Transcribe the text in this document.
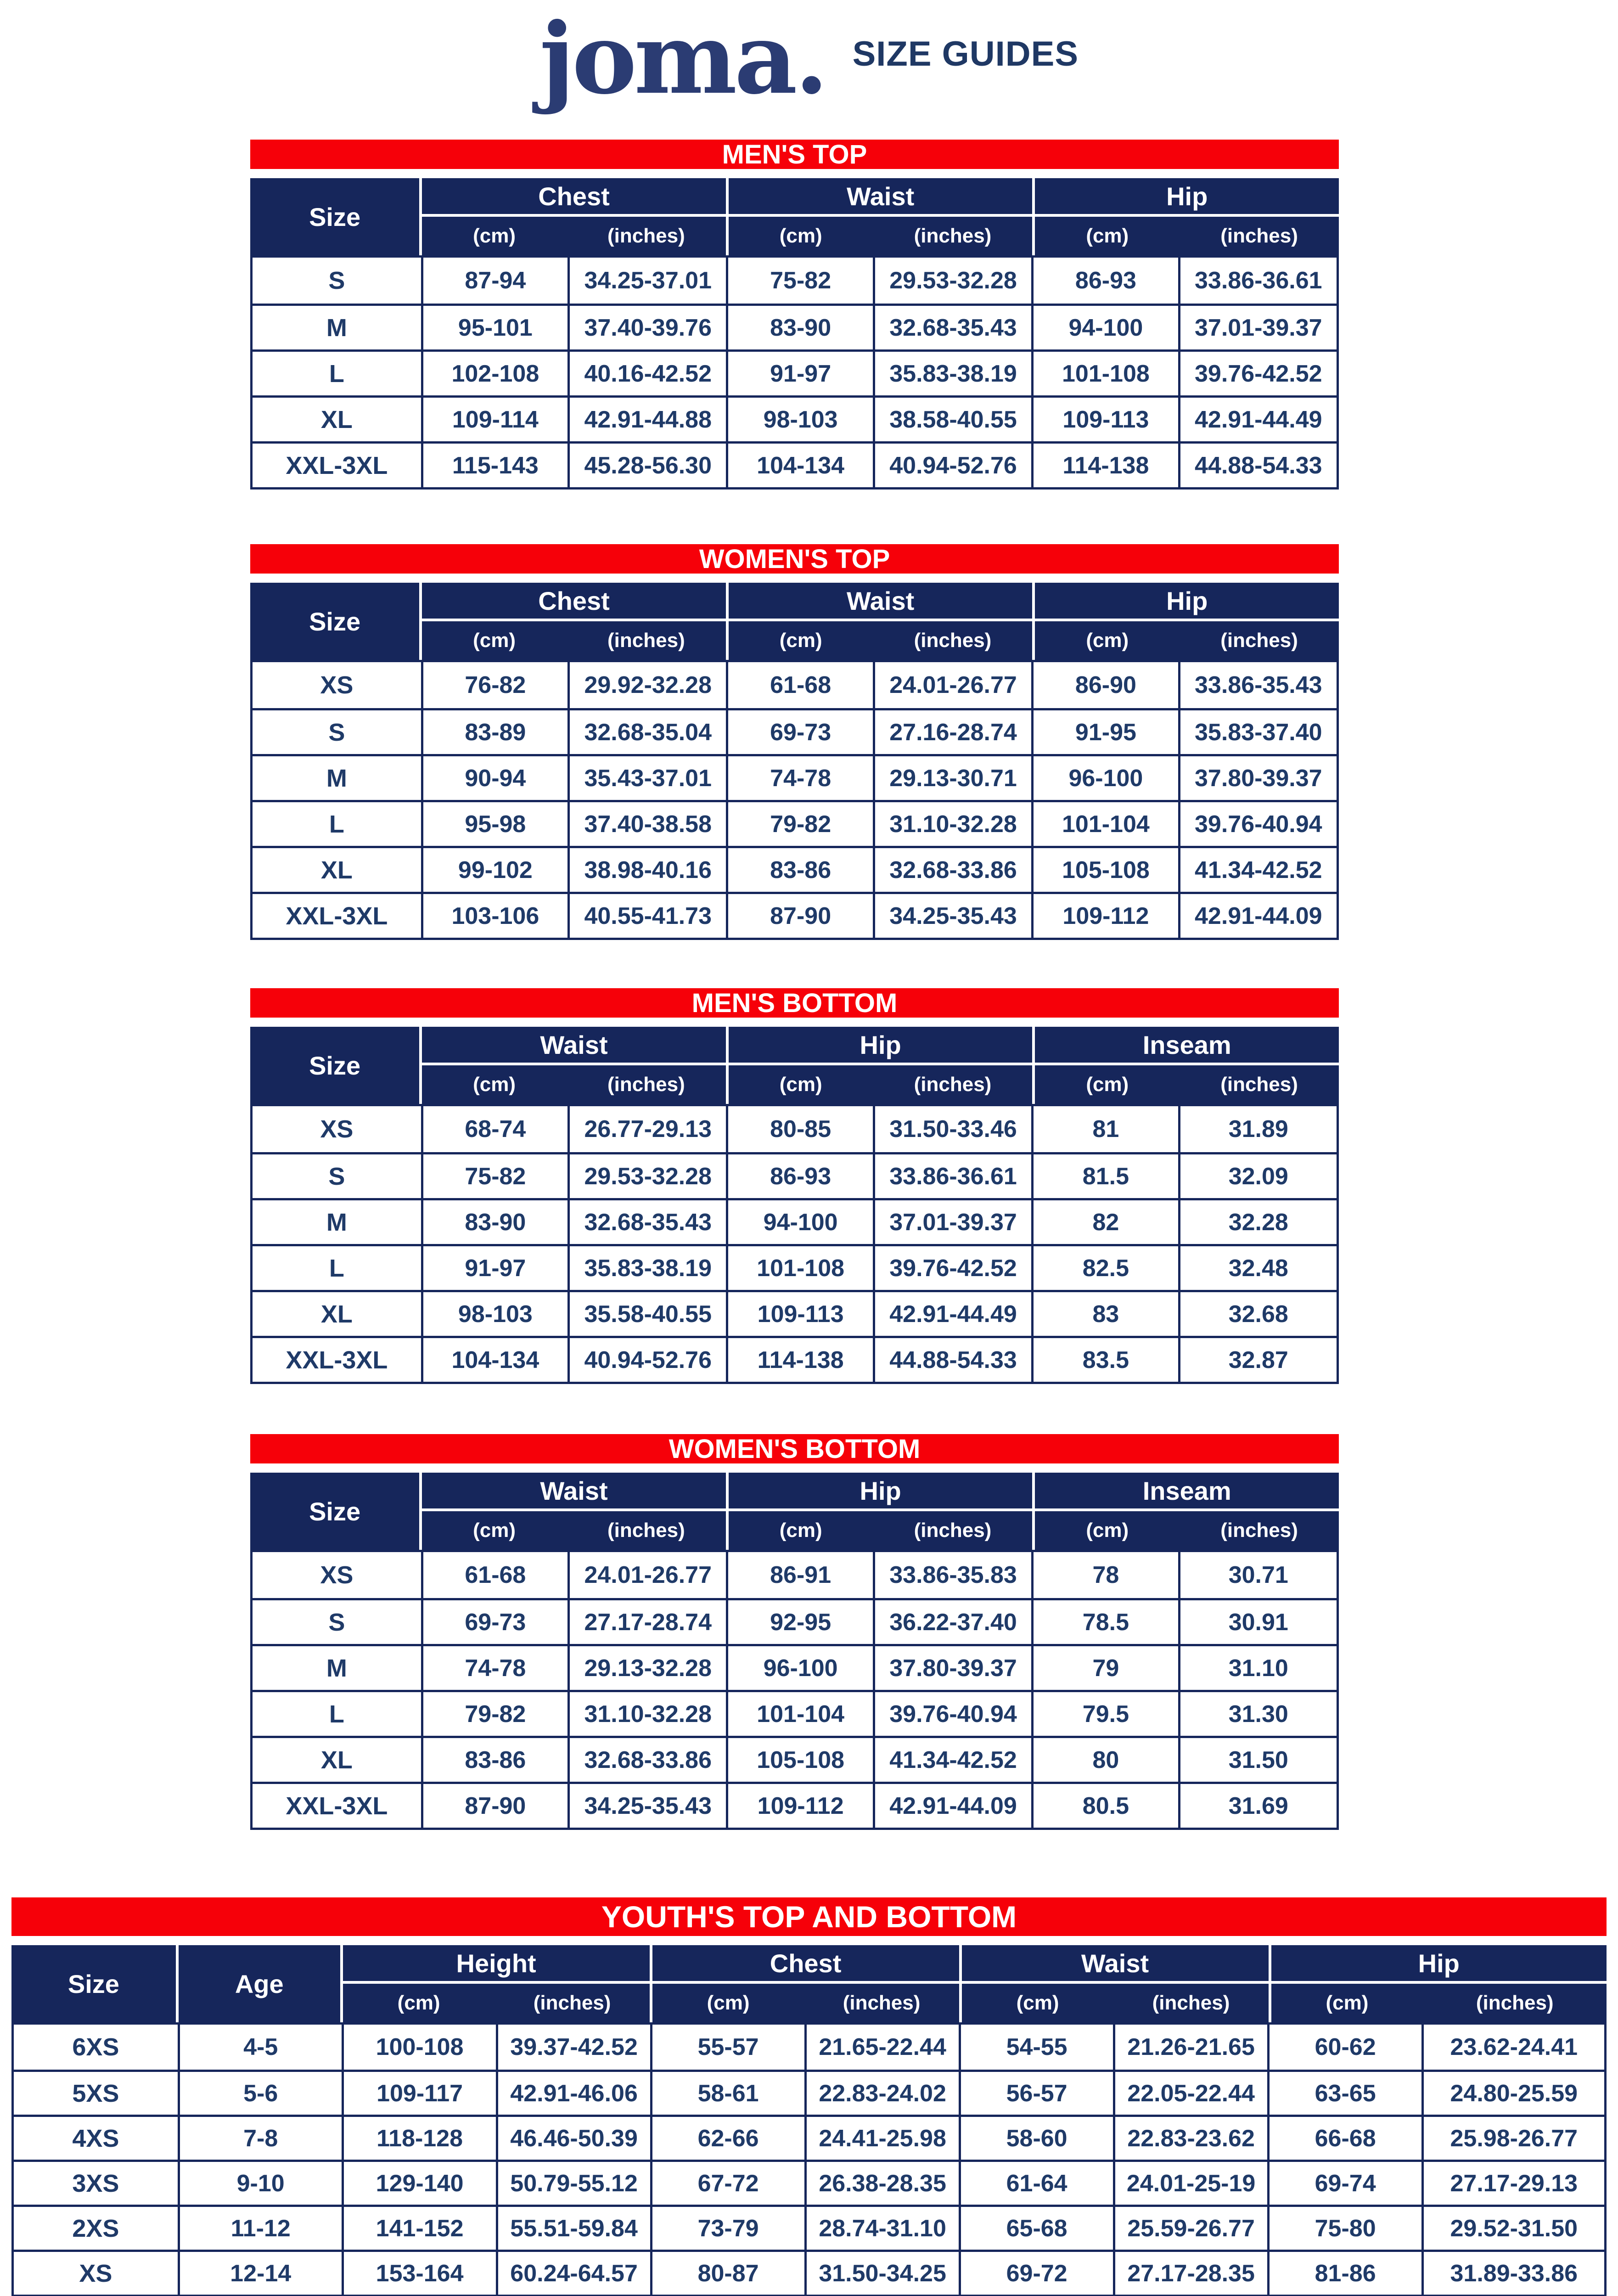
joma. SIZE GUIDES
MEN'S TOP
Size
Chest	Waist	Hip
(cm)	(inches)	(cm)	(inches)	(cm)	(inches)
S	87-94	34.25-37.01	75-82	29.53-32.28	86-93	33.86-36.61
M	95-101	37.40-39.76	83-90	32.68-35.43	94-100	37.01-39.37
L	102-108	40.16-42.52	91-97	35.83-38.19	101-108	39.76-42.52
XL	109-114	42.91-44.88	98-103	38.58-40.55	109-113	42.91-44.49
XXL-3XL	115-143	45.28-56.30	104-134	40.94-52.76	114-138	44.88-54.33
WOMEN'S TOP
Size
Chest	Waist	Hip
(cm)	(inches)	(cm)	(inches)	(cm)	(inches)
XS	76-82	29.92-32.28	61-68	24.01-26.77	86-90	33.86-35.43
S	83-89	32.68-35.04	69-73	27.16-28.74	91-95	35.83-37.40
M	90-94	35.43-37.01	74-78	29.13-30.71	96-100	37.80-39.37
L	95-98	37.40-38.58	79-82	31.10-32.28	101-104	39.76-40.94
XL	99-102	38.98-40.16	83-86	32.68-33.86	105-108	41.34-42.52
XXL-3XL	103-106	40.55-41.73	87-90	34.25-35.43	109-112	42.91-44.09
MEN'S BOTTOM
Size
Waist	Hip	Inseam
(cm)	(inches)	(cm)	(inches)	(cm)	(inches)
XS	68-74	26.77-29.13	80-85	31.50-33.46	81	31.89
S	75-82	29.53-32.28	86-93	33.86-36.61	81.5	32.09
M	83-90	32.68-35.43	94-100	37.01-39.37	82	32.28
L	91-97	35.83-38.19	101-108	39.76-42.52	82.5	32.48
XL	98-103	35.58-40.55	109-113	42.91-44.49	83	32.68
XXL-3XL	104-134	40.94-52.76	114-138	44.88-54.33	83.5	32.87
WOMEN'S BOTTOM
Size
Waist	Hip	Inseam
(cm)	(inches)	(cm)	(inches)	(cm)	(inches)
XS	61-68	24.01-26.77	86-91	33.86-35.83	78	30.71
S	69-73	27.17-28.74	92-95	36.22-37.40	78.5	30.91
M	74-78	29.13-32.28	96-100	37.80-39.37	79	31.10
L	79-82	31.10-32.28	101-104	39.76-40.94	79.5	31.30
XL	83-86	32.68-33.86	105-108	41.34-42.52	80	31.50
XXL-3XL	87-90	34.25-35.43	109-112	42.91-44.09	80.5	31.69
YOUTH'S TOP AND BOTTOM
Size	Age
Height	Chest	Waist	Hip
(cm)	(inches)	(cm)	(inches)	(cm)	(inches)	(cm)	(inches)
6XS	4-5	100-108	39.37-42.52	55-57	21.65-22.44	54-55	21.26-21.65	60-62	23.62-24.41
5XS	5-6	109-117	42.91-46.06	58-61	22.83-24.02	56-57	22.05-22.44	63-65	24.80-25.59
4XS	7-8	118-128	46.46-50.39	62-66	24.41-25.98	58-60	22.83-23.62	66-68	25.98-26.77
3XS	9-10	129-140	50.79-55.12	67-72	26.38-28.35	61-64	24.01-25-19	69-74	27.17-29.13
2XS	11-12	141-152	55.51-59.84	73-79	28.74-31.10	65-68	25.59-26.77	75-80	29.52-31.50
XS	12-14	153-164	60.24-64.57	80-87	31.50-34.25	69-72	27.17-28.35	81-86	31.89-33.86
